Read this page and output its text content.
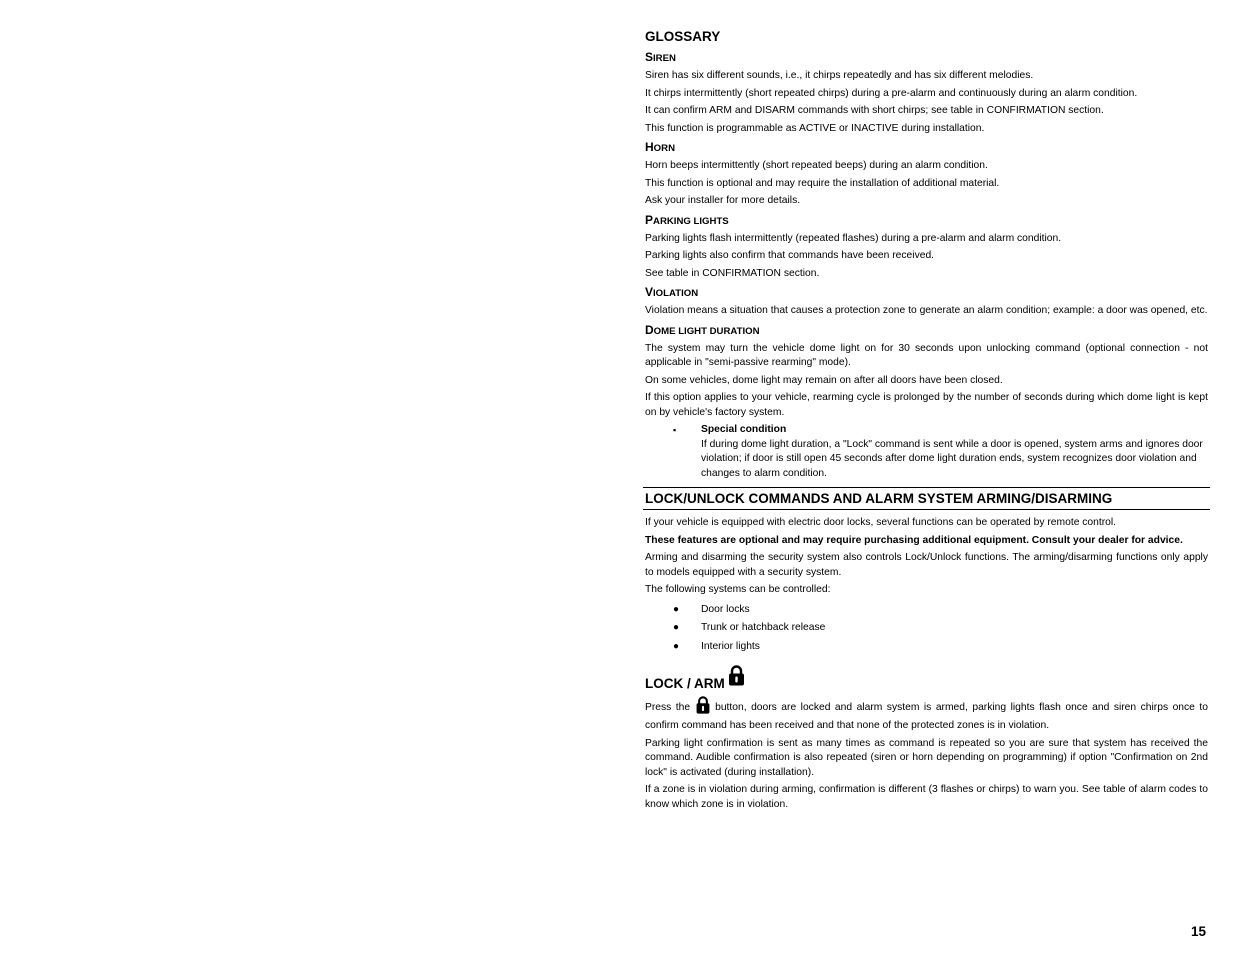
GLOSSARY
SIREN

Siren has six different sounds, i.e., it chirps repeatedly and has six different melodies.

It chirps intermittently (short repeated chirps) during a pre-alarm and continuously during an alarm condition.

It can confirm ARM and DISARM commands with short chirps; see table in CONFIRMATION section.

This function is programmable as ACTIVE or INACTIVE during installation.

HORN

Horn beeps intermittently (short repeated beeps) during an alarm condition.

This function is optional and may require the installation of additional material.

Ask your installer for more details.

PARKING LIGHTS

Parking lights flash intermittently (repeated flashes) during a pre-alarm and alarm condition.

Parking lights also confirm that commands have been received.

See table in CONFIRMATION section.

VIOLATION

Violation means a situation that causes a protection zone to generate an alarm condition; example: a door was opened, etc.

DOME LIGHT DURATION

The system may turn the vehicle dome light on for 30 seconds upon unlocking command (optional connection - not applicable in "semi-passive rearming" mode).

On some vehicles, dome light may remain on after all doors have been closed.

If this option applies to your vehicle, rearming cycle is prolonged by the number of seconds during which dome light is kept on by vehicle's factory system.

▪ Special condition
If during dome light duration, a "Lock" command is sent while a door is opened, system arms and ignores door violation; if door is still open 45 seconds after dome light duration ends, system recognizes door violation and changes to alarm condition.
LOCK/UNLOCK COMMANDS AND ALARM SYSTEM ARMING/DISARMING

If your vehicle is equipped with electric door locks, several functions can be operated by remote control.

These features are optional and may require purchasing additional equipment. Consult your dealer for advice.

Arming and disarming the security system also controls Lock/Unlock functions. The arming/disarming functions only apply to models equipped with a security system.

The following systems can be controlled:

● Door locks
● Trunk or hatchback release
● Interior lights
LOCK / ARM

Press the button, doors are locked and alarm system is armed, parking lights flash once and siren chirps once to confirm command has been received and that none of the protected zones is in violation.

Parking light confirmation is sent as many times as command is repeated so you are sure that system has received the command. Audible confirmation is also repeated (siren or horn depending on programming) if option "Confirmation on 2nd lock" is activated (during installation).

If a zone is in violation during arming, confirmation is different (3 flashes or chirps) to warn you. See table of alarm codes to know which zone is in violation.

15
